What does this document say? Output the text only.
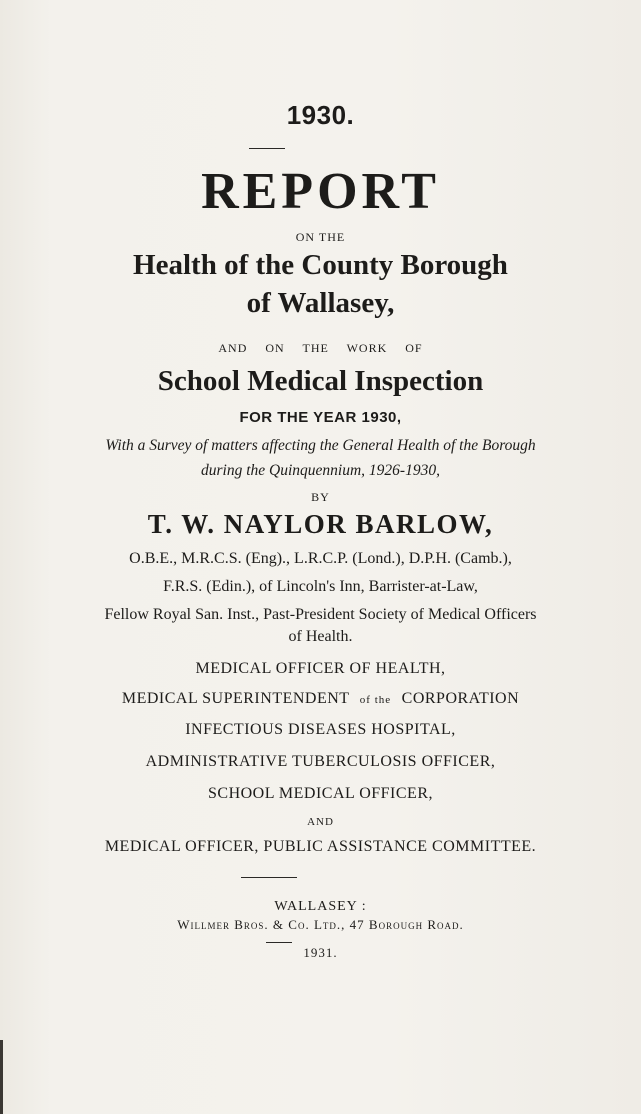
1930.
REPORT
ON THE
Health of the County Borough
of Wallasey,
AND ON THE WORK OF
School Medical Inspection
FOR THE YEAR 1930,
With a Survey of matters affecting the General Health of the Borough
during the Quinquennium, 1926-1930,
BY
T. W. NAYLOR BARLOW,
O.B.E., M.R.C.S. (Eng)., L.R.C.P. (Lond.), D.P.H. (Camb.),
F.R.S. (Edin.), of Lincoln's Inn, Barrister-at-Law,
Fellow Royal San. Inst., Past-President Society of Medical Officers
of Health.
MEDICAL OFFICER OF HEALTH,
MEDICAL SUPERINTENDENT of the CORPORATION
INFECTIOUS DISEASES HOSPITAL,
ADMINISTRATIVE TUBERCULOSIS OFFICER,
SCHOOL MEDICAL OFFICER,
AND
MEDICAL OFFICER, PUBLIC ASSISTANCE COMMITTEE.
WALLASEY :
Willmer Bros. & Co. Ltd., 47 Borough Road.
1931.
